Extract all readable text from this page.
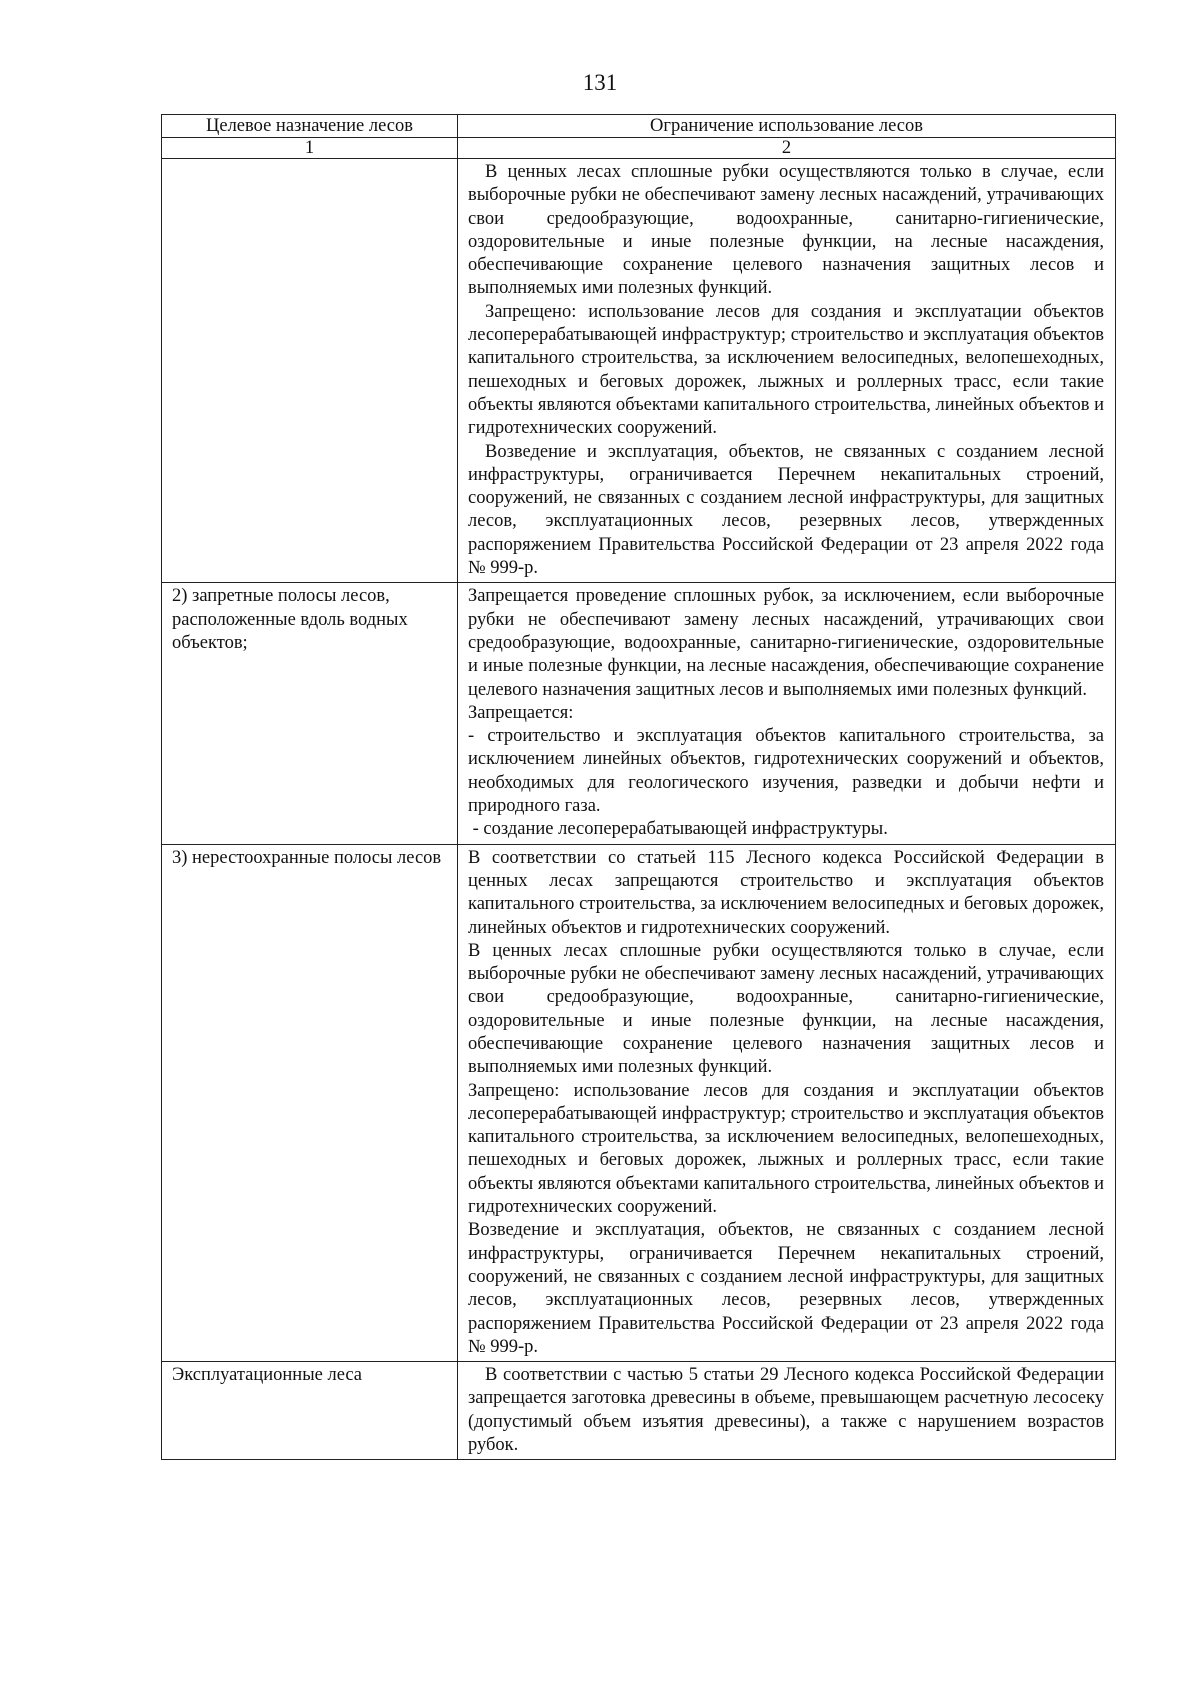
131
Целевое назначение лесов	Ограничение использование лесов
1	2

	В ценных лесах сплошные рубки осуществляются только в случае, если выборочные рубки не обеспечивают замену лесных насаждений, утрачивающих свои средообразующие, водоохранные, санитарно-гигиенические, оздоровительные и иные полезные функции, на лесные насаждения, обеспечивающие сохранение целевого назначения защитных лесов и выполняемых ими полезных функций.

Запрещено: использование лесов для создания и эксплуатации объектов лесоперерабатывающей инфраструктур; строительство и эксплуатация объектов капитального строительства, за исключением велосипедных, велопешеходных, пешеходных и беговых дорожек, лыжных и роллерных трасс, если такие объекты являются объектами капитального строительства, линейных объектов и гидротехнических сооружений.

Возведение и эксплуатация, объектов, не связанных с созданием лесной инфраструктуры, ограничивается Перечнем некапитальных строений, сооружений, не связанных с созданием лесной инфраструктуры, для защитных лесов, эксплуатационных лесов, резервных лесов, утвержденных распоряжением Правительства Российской Федерации от 23 апреля 2022 года № 999-р.

2) запретные полосы лесов, расположенные вдоль водных объектов;	Запрещается проведение сплошных рубок, за исключением, если выборочные рубки не обеспечивают замену лесных насаждений, утрачивающих свои средообразующие, водоохранные, санитарно-гигиенические, оздоровительные и иные полезные функции, на лесные насаждения, обеспечивающие сохранение целевого назначения защитных лесов и выполняемых ими полезных функций.

Запрещается:

- строительство и эксплуатация объектов капитального строительства, за исключением линейных объектов, гидротехнических сооружений и объектов, необходимых для геологического изучения, разведки и добычи нефти и природного газа.

- создание лесоперерабатывающей инфраструктуры.

3) нерестоохранные полосы лесов	В соответствии со статьей 115 Лесного кодекса Российской Федерации в ценных лесах запрещаются строительство и эксплуатация объектов капитального строительства, за исключением велосипедных и беговых дорожек, линейных объектов и гидротехнических сооружений.

В ценных лесах сплошные рубки осуществляются только в случае, если выборочные рубки не обеспечивают замену лесных насаждений, утрачивающих свои средообразующие, водоохранные, санитарно-гигиенические, оздоровительные и иные полезные функции, на лесные насаждения, обеспечивающие сохранение целевого назначения защитных лесов и выполняемых ими полезных функций.

Запрещено: использование лесов для создания и эксплуатации объектов лесоперерабатывающей инфраструктур; строительство и эксплуатация объектов капитального строительства, за исключением велосипедных, велопешеходных, пешеходных и беговых дорожек, лыжных и роллерных трасс, если такие объекты являются объектами капитального строительства, линейных объектов и гидротехнических сооружений.

Возведение и эксплуатация, объектов, не связанных с созданием лесной инфраструктуры, ограничивается Перечнем некапитальных строений, сооружений, не связанных с созданием лесной инфраструктуры, для защитных лесов, эксплуатационных лесов, резервных лесов, утвержденных распоряжением Правительства Российской Федерации от 23 апреля 2022 года № 999-р.

Эксплуатационные леса	В соответствии с частью 5 статьи 29 Лесного кодекса Российской Федерации запрещается заготовка древесины в объеме, превышающем расчетную лесосеку (допустимый объем изъятия древесины), а также с нарушением возрастов рубок.
